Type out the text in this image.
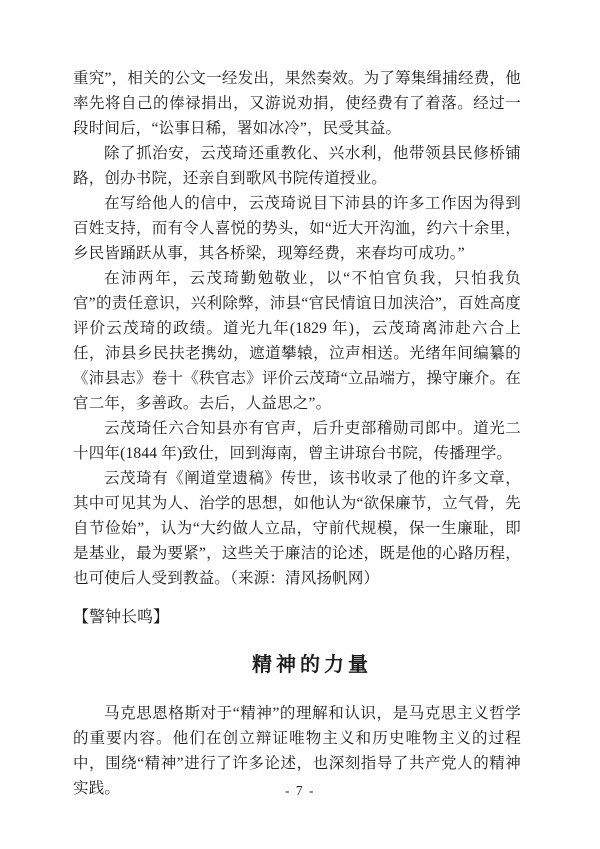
重究”，相关的公文一经发出，果然奏效。为了筹集缉捕经费，他率先将自己的俸禄捐出，又游说劝捐，使经费有了着落。经过一段时间后，“讼事日稀，署如冰冷”，民受其益。

除了抓治安，云茂琦还重教化、兴水利，他带领县民修桥铺路，创办书院，还亲自到歌风书院传道授业。

在写给他人的信中，云茂琦说目下沛县的许多工作因为得到百姓支持，而有令人喜悦的势头，如“近大开沟洫，约六十余里，乡民皆踊跃从事，其各桥梁，现筹经费，来春均可成功。”

在沛两年，云茂琦勤勉敬业，以“不怕官负我，只怕我负官”的责任意识，兴利除弊，沛县“官民情谊日加浃洽”，百姓高度评价云茂琦的政绩。道光九年(1829 年)，云茂琦离沛赴六合上任，沛县乡民扶老携幼，遮道攀辕，泣声相送。光绪年间编纂的《沛县志》卷十《秩官志》评价云茂琦“立品端方，操守廉介。在官二年，多善政。去后，人益思之”。

云茂琦任六合知县亦有官声，后升吏部稽勋司郎中。道光二十四年(1844 年)致仕，回到海南，曾主讲琼台书院，传播理学。

云茂琦有《阐道堂遗稿》传世，该书收录了他的许多文章，其中可见其为人、治学的思想，如他认为“欲保廉节，立气骨，先自节俭始”，认为“大约做人立品，守前代规模，保一生廉耻，即是基业，最为要紧”，这些关于廉洁的论述，既是他的心路历程，也可使后人受到教益。（来源：清风扬帆网）

【警钟长鸣】
精神的力量

马克思恩格斯对于“精神”的理解和认识，是马克思主义哲学的重要内容。他们在创立辩证唯物主义和历史唯物主义的过程中，围绕“精神”进行了许多论述，也深刻指导了共产党人的精神实践。	- 7 -
